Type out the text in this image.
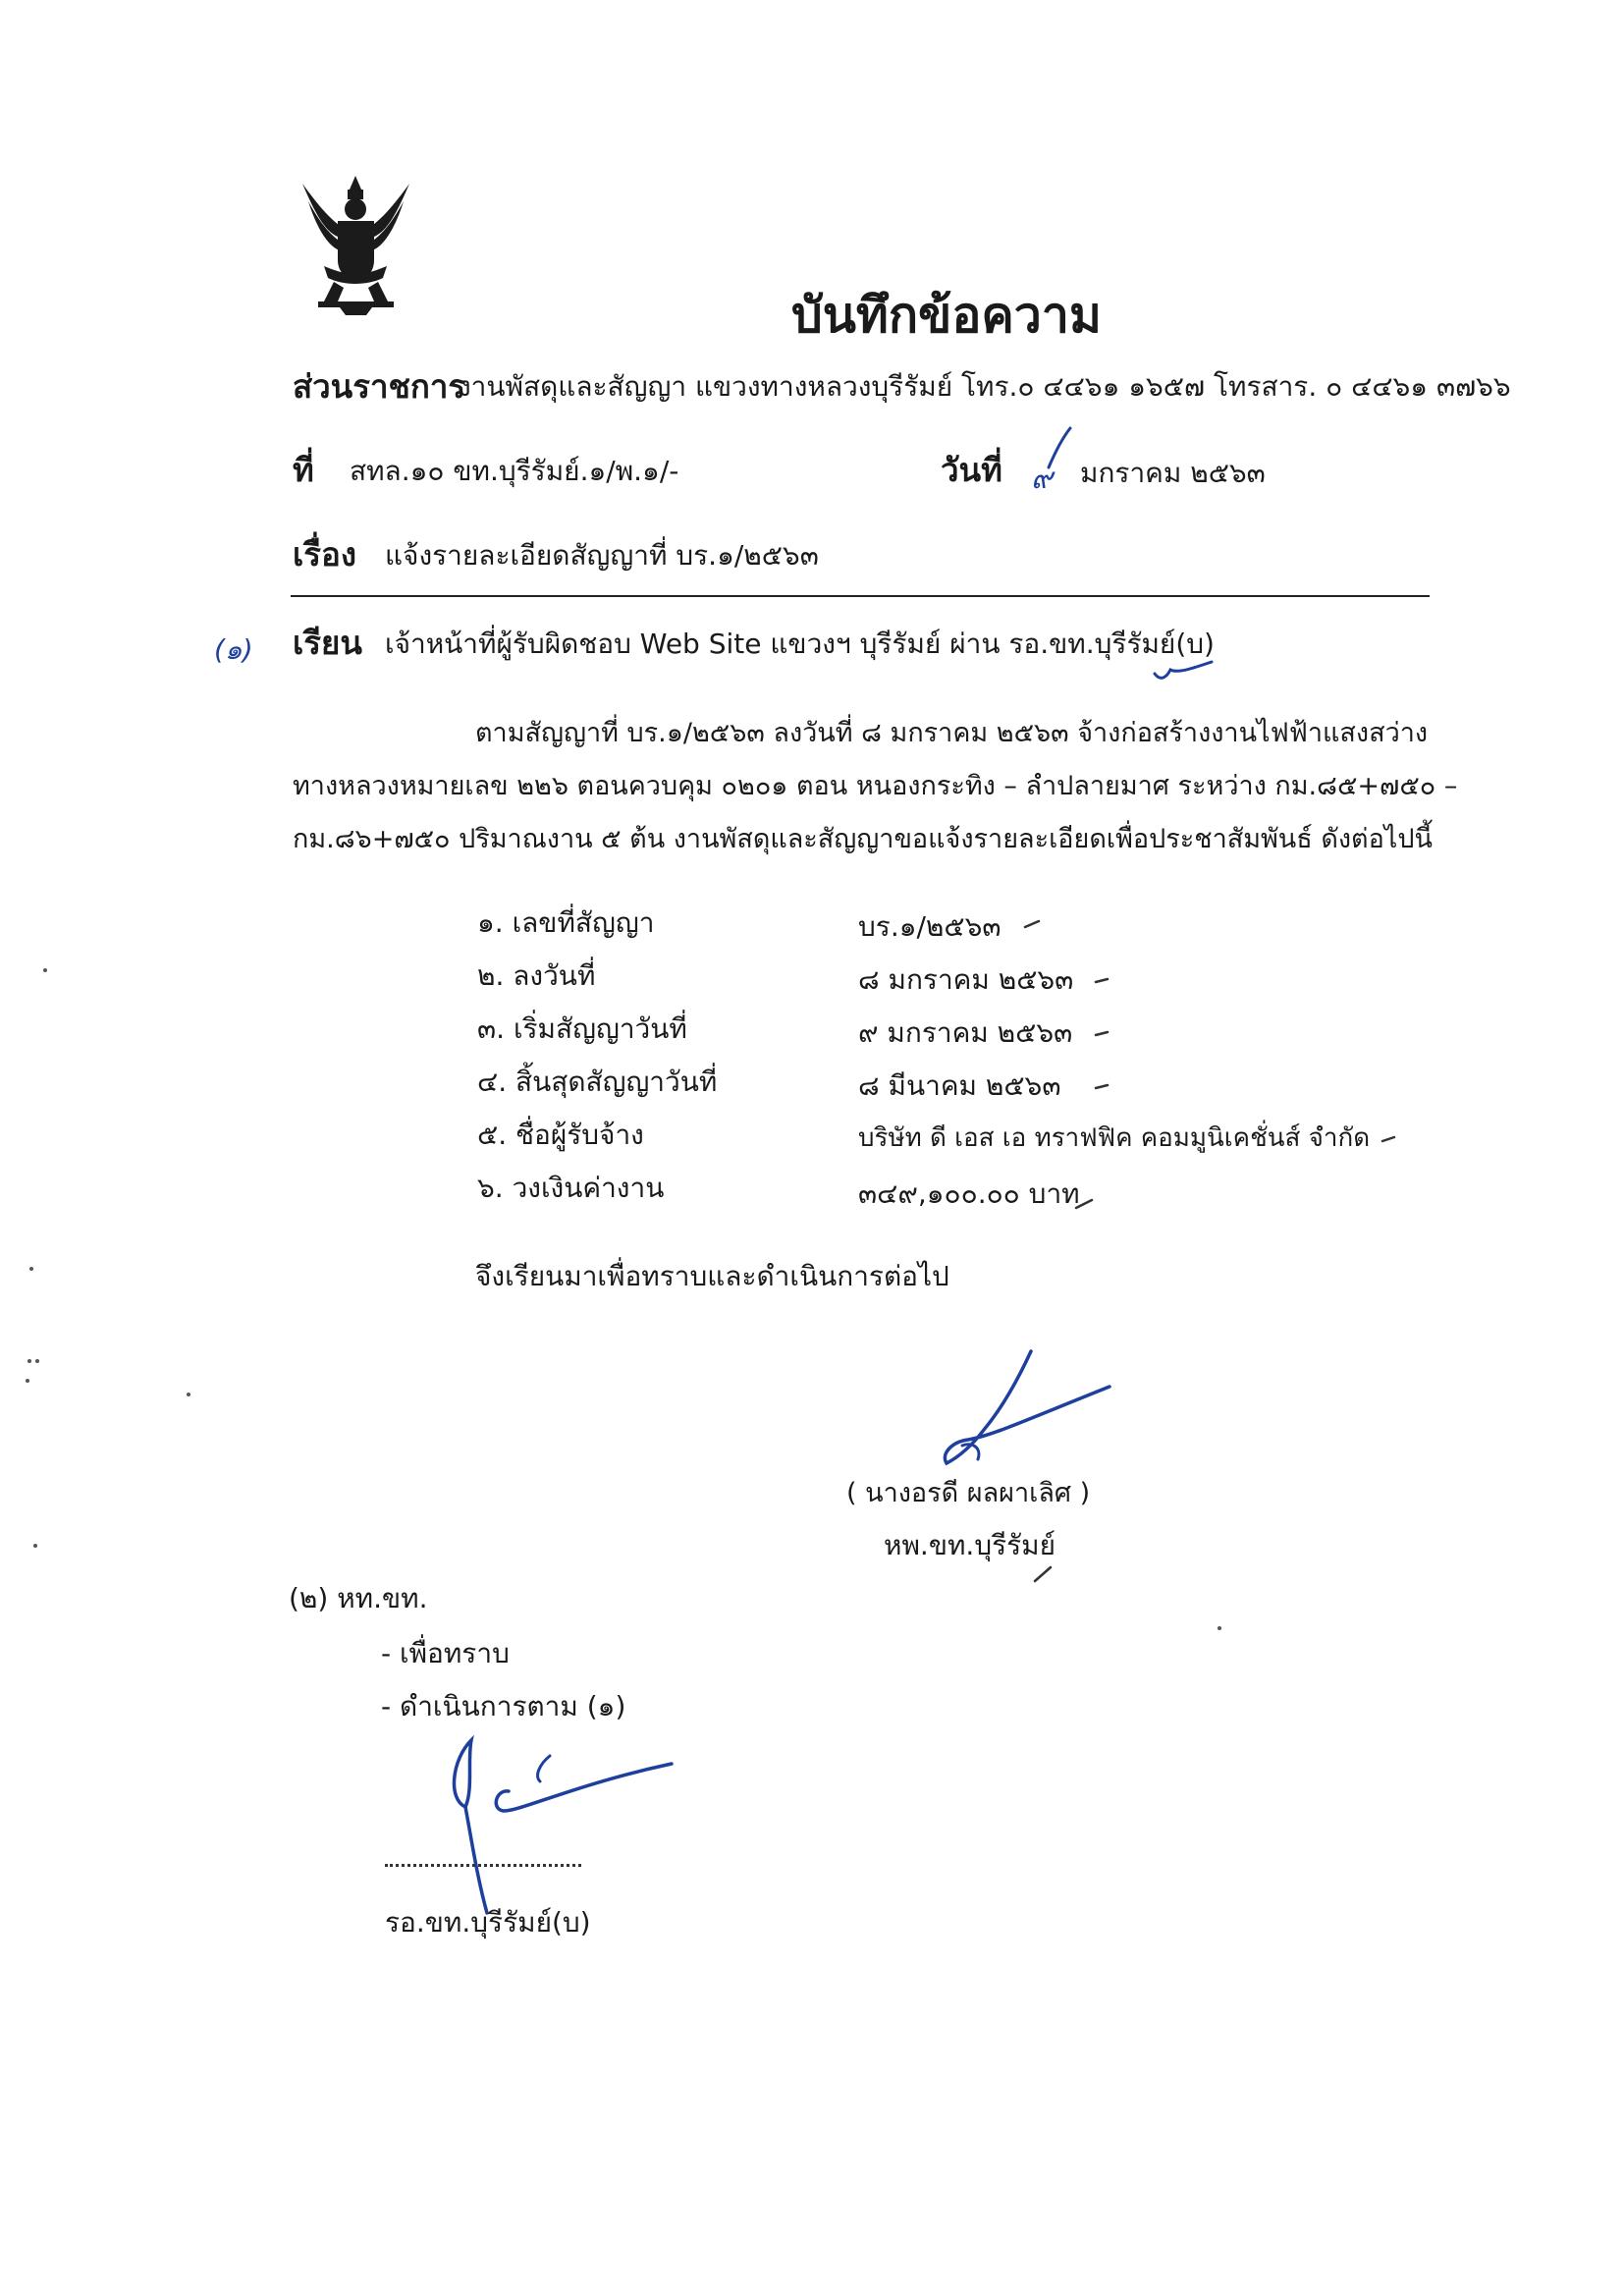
บันทึกข้อความ
ส่วนราชการ
งานพัสดุและสัญญา แขวงทางหลวงบุรีรัมย์ โทร.๐ ๔๔๖๑ ๑๖๕๗ โทรสาร. ๐ ๔๔๖๑ ๓๗๖๖
ที่ สทล.๑๐ ขท.บุรีรัมย์.๑/พ.๑/-	วันที่ ๙ มกราคม ๒๕๖๓
เรื่อง แจ้งรายละเอียดสัญญาที่ บร.๑/๒๕๖๓
(๑) เรียน เจ้าหน้าที่ผู้รับผิดชอบ Web Site แขวงฯ บุรีรัมย์ ผ่าน รอ.ขท.บุรีรัมย์(บ)
ตามสัญญาที่ บร.๑/๒๕๖๓ ลงวันที่ ๘ มกราคม ๒๕๖๓ จ้างก่อสร้างงานไฟฟ้าแสงสว่าง
ทางหลวงหมายเลข ๒๒๖ ตอนควบคุม ๐๒๐๑ ตอน หนองกระทิง – ลำปลายมาศ ระหว่าง กม.๘๕+๗๕๐ –
กม.๘๖+๗๕๐ ปริมาณงาน ๕ ต้น งานพัสดุและสัญญาขอแจ้งรายละเอียดเพื่อประชาสัมพันธ์ ดังต่อไปนี้
๑. เลขที่สัญญา	บร.๑/๒๕๖๓
๒. ลงวันที่	๘ มกราคม ๒๕๖๓
๓. เริ่มสัญญาวันที่	๙ มกราคม ๒๕๖๓
๔. สิ้นสุดสัญญาวันที่	๘ มีนาคม ๒๕๖๓
๕. ชื่อผู้รับจ้าง	บริษัท ดี เอส เอ ทราฟฟิค คอมมูนิเคชั่นส์ จำกัด
๖. วงเงินค่างาน	๓๔๙,๑๐๐.๐๐ บาท
จึงเรียนมาเพื่อทราบและดำเนินการต่อไป
( นางอรดี ผลผาเลิศ )
หพ.ขท.บุรีรัมย์
(๒) หท.ขท.
- เพื่อทราบ
- ดำเนินการตาม (๑)
รอ.ขท.บุรีรัมย์(บ)
